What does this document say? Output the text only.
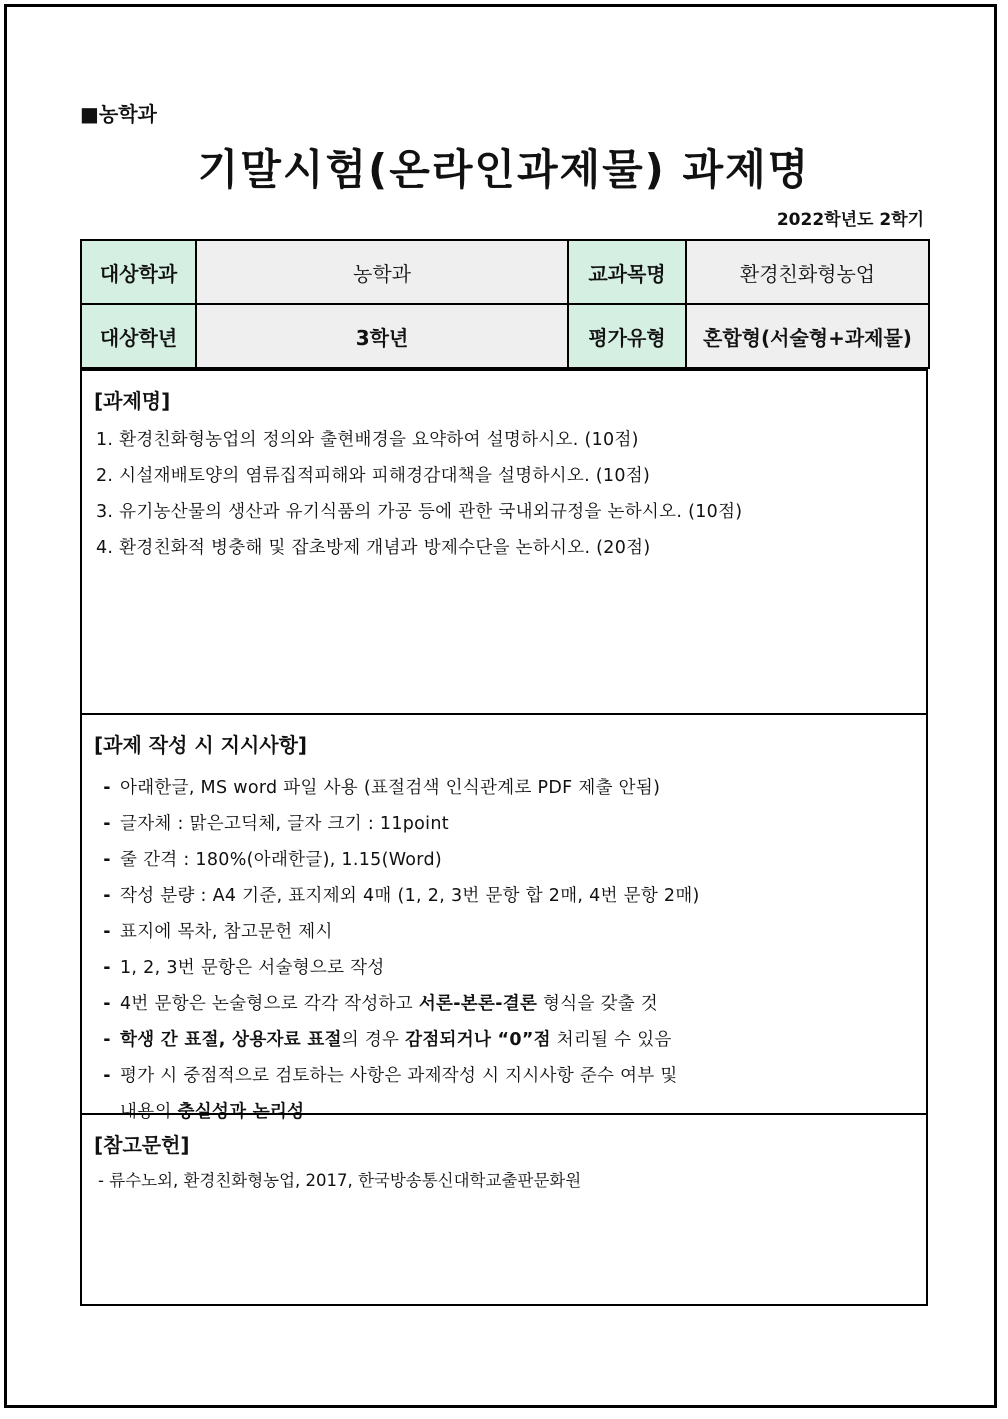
■농학과
기말시험(온라인과제물) 과제명
2022학년도 2학기
대상학과	농학과	교과목명	환경친화형농업
대상학년	3학년	평가유형	혼합형(서술형+과제물)
[과제명]
1. 환경친화형농업의 정의와 출현배경을 요약하여 설명하시오. (10점)
2. 시설재배토양의 염류집적피해와 피해경감대책을 설명하시오. (10점)
3. 유기농산물의 생산과 유기식품의 가공 등에 관한 국내외규정을 논하시오. (10점)
4. 환경친화적 병충해 및 잡초방제 개념과 방제수단을 논하시오. (20점)
[과제 작성 시 지시사항]
- 아래한글, MS word 파일 사용 (표절검색 인식관계로 PDF 제출 안됨)
- 글자체 : 맑은고딕체, 글자 크기 : 11point
- 줄 간격 : 180%(아래한글), 1.15(Word)
- 작성 분량 : A4 기준, 표지제외 4매 (1, 2, 3번 문항 합 2매, 4번 문항 2매)
- 표지에 목차, 참고문헌 제시
- 1, 2, 3번 문항은 서술형으로 작성
- 4번 문항은 논술형으로 각각 작성하고 서론-본론-결론 형식을 갖출 것
- 학생 간 표절, 상용자료 표절의 경우 감점되거나 “0”점 처리될 수 있음
- 평가 시 중점적으로 검토하는 사항은 과제작성 시 지시사항 준수 여부 및
내용의 충실성과 논리성
[참고문헌]
- 류수노외, 환경친화형농업, 2017, 한국방송통신대학교출판문화원
